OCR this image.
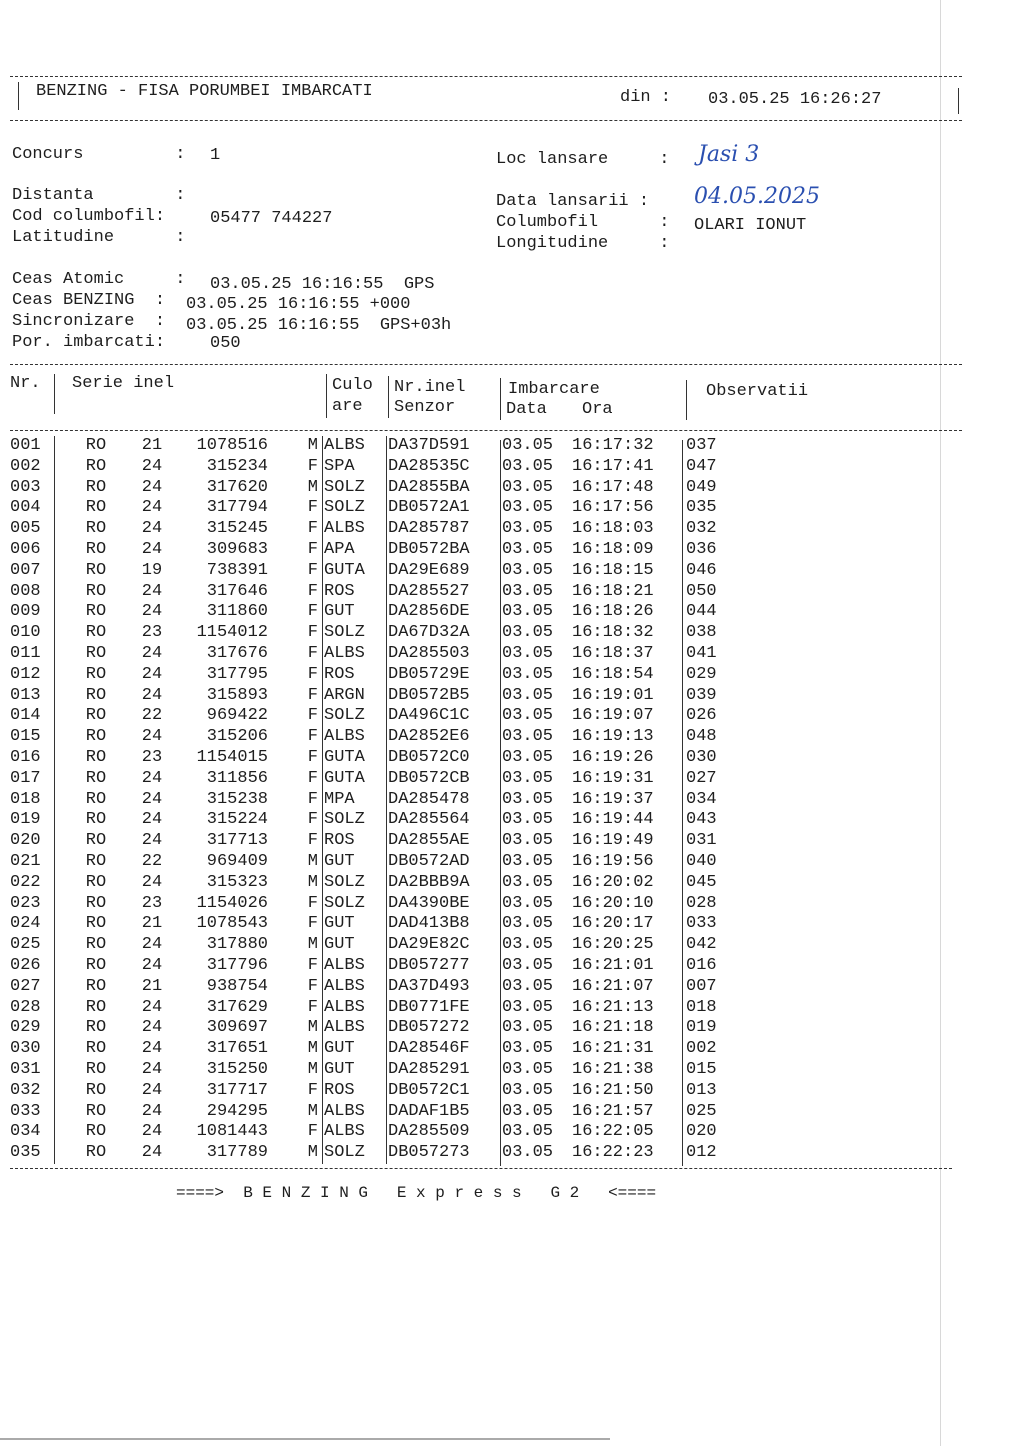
BENZING - FISA PORUMBEI IMBARCATI	din : 03.05.25 16:26:27
Concurs         : 1	Loc lansare     : Jasi 3
Distanta        :
Cod columbofil:	05477 744227
Latitudine      :
Data lansarii : 04.05.2025
Columbofil      : OLARI IONUT
Longitudine     :
Ceas Atomic     : 03.05.25 16:16:55  GPS
Ceas BENZING  : 03.05.25 16:16:55 +000
Sincronizare  : 03.05.25 16:16:55  GPS+03h
Por. imbarcati:	050
Nr. Serie inel	Culo
are
Nr.inel
Senzor
Imbarcare
Data Ora
Observatii
001	RO	21	1078516	M	ALBS	DA37D591	03.05	16:17:32	037
002	RO	24	315234	F	SPA	DA28535C	03.05	16:17:41	047
003	RO	24	317620	M	SOLZ	DA2855BA	03.05	16:17:48	049
004	RO	24	317794	F	SOLZ	DB0572A1	03.05	16:17:56	035
005	RO	24	315245	F	ALBS	DA285787	03.05	16:18:03	032
006	RO	24	309683	F	APA	DB0572BA	03.05	16:18:09	036
007	RO	19	738391	F	GUTA	DA29E689	03.05	16:18:15	046
008	RO	24	317646	F	ROS	DA285527	03.05	16:18:21	050
009	RO	24	311860	F	GUT	DA2856DE	03.05	16:18:26	044
010	RO	23	1154012	F	SOLZ	DA67D32A	03.05	16:18:32	038
011	RO	24	317676	F	ALBS	DA285503	03.05	16:18:37	041
012	RO	24	317795	F	ROS	DB05729E	03.05	16:18:54	029
013	RO	24	315893	F	ARGN	DB0572B5	03.05	16:19:01	039
014	RO	22	969422	F	SOLZ	DA496C1C	03.05	16:19:07	026
015	RO	24	315206	F	ALBS	DA2852E6	03.05	16:19:13	048
016	RO	23	1154015	F	GUTA	DB0572C0	03.05	16:19:26	030
017	RO	24	311856	F	GUTA	DB0572CB	03.05	16:19:31	027
018	RO	24	315238	F	MPA	DA285478	03.05	16:19:37	034
019	RO	24	315224	F	SOLZ	DA285564	03.05	16:19:44	043
020	RO	24	317713	F	ROS	DA2855AE	03.05	16:19:49	031
021	RO	22	969409	M	GUT	DB0572AD	03.05	16:19:56	040
022	RO	24	315323	M	SOLZ	DA2BBB9A	03.05	16:20:02	045
023	RO	23	1154026	F	SOLZ	DA4390BE	03.05	16:20:10	028
024	RO	21	1078543	F	GUT	DAD413B8	03.05	16:20:17	033
025	RO	24	317880	M	GUT	DA29E82C	03.05	16:20:25	042
026	RO	24	317796	F	ALBS	DB057277	03.05	16:21:01	016
027	RO	21	938754	F	ALBS	DA37D493	03.05	16:21:07	007
028	RO	24	317629	F	ALBS	DB0771FE	03.05	16:21:13	018
029	RO	24	309697	M	ALBS	DB057272	03.05	16:21:18	019
030	RO	24	317651	M	GUT	DA28546F	03.05	16:21:31	002
031	RO	24	315250	M	GUT	DA285291	03.05	16:21:38	015
032	RO	24	317717	F	ROS	DB0572C1	03.05	16:21:50	013
033	RO	24	294295	M	ALBS	DADAF1B5	03.05	16:21:57	025
034	RO	24	1081443	F	ALBS	DA285509	03.05	16:22:05	020
035	RO	24	317789	M	SOLZ	DB057273	03.05	16:22:23	012
====>  B E N Z I N G   E x p r e s s   G 2   <====
